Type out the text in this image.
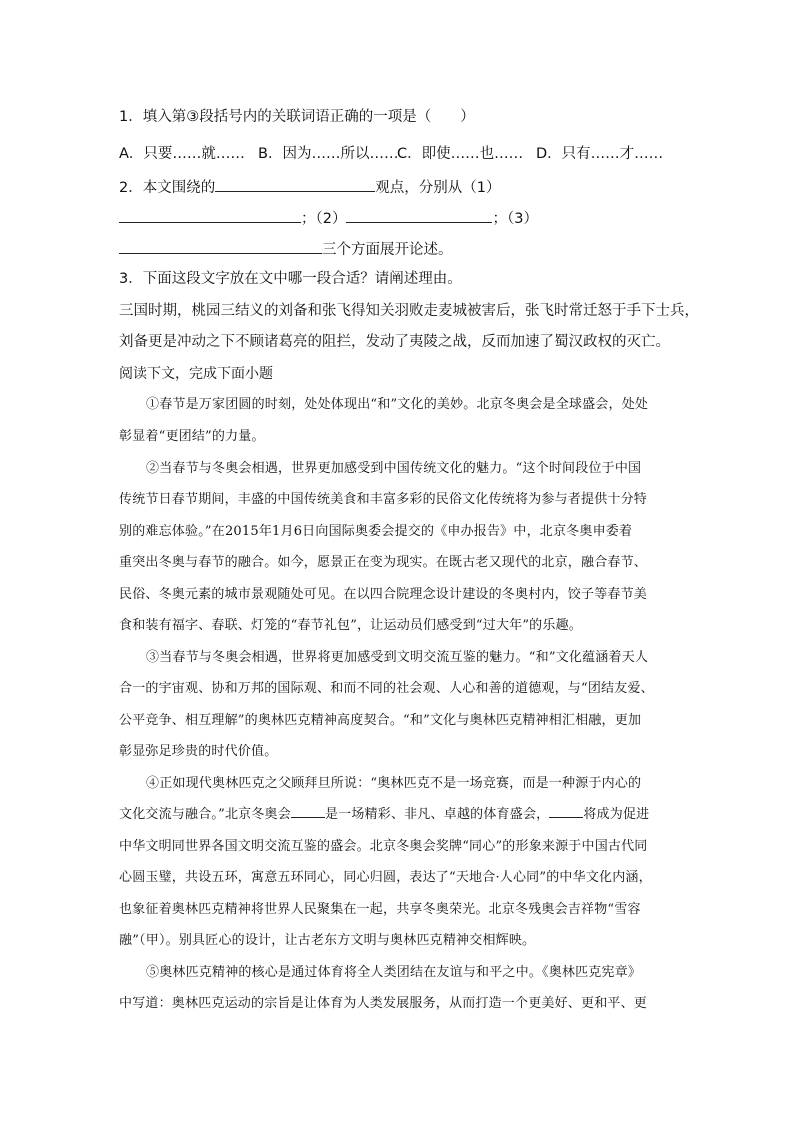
1．填入第③段括号内的关联词语正确的一项是（　　）
A．只要……就…… B．因为……所以……
C．即使……也…… D．只有……才……
2．本文围绕的	观点，分别从（1）
；（2）	；（3）
三个方面展开论述。
3．下面这段文字放在文中哪一段合适？请阐述理由。
三国时期，桃园三结义的刘备和张飞得知关羽败走麦城被害后，张飞时常迁怒于手下士兵，
刘备更是冲动之下不顾诸葛亮的阻拦，发动了夷陵之战，反而加速了蜀汉政权的灭亡。
阅读下文，完成下面小题
①春节是万家团圆的时刻，处处体现出“和”文化的美妙。北京冬奥会是全球盛会，处处
彰显着“更团结”的力量。
②当春节与冬奥会相遇，世界更加感受到中国传统文化的魅力。“这个时间段位于中国
传统节日春节期间，丰盛的中国传统美食和丰富多彩的民俗文化传统将为参与者提供十分特
别的难忘体验。”在2015年1月6日向国际奥委会提交的《申办报告》中，北京冬奥申委着
重突出冬奥与春节的融合。如今，愿景正在变为现实。在既古老又现代的北京，融合春节、
民俗、冬奥元素的城市景观随处可见。在以四合院理念设计建设的冬奥村内，饺子等春节美
食和装有福字、春联、灯笼的“春节礼包”，让运动员们感受到“过大年”的乐趣。
③当春节与冬奥会相遇，世界将更加感受到文明交流互鉴的魅力。“和”文化蕴涵着天人
合一的宇宙观、协和万邦的国际观、和而不同的社会观、人心和善的道德观，与“团结友爱、
公平竞争、相互理解”的奥林匹克精神高度契合。“和”文化与奥林匹克精神相汇相融，更加
彰显弥足珍贵的时代价值。
④正如现代奥林匹克之父顾拜旦所说：“奥林匹克不是一场竞赛，而是一种源于内心的
文化交流与融合。”北京冬奥会	是一场精彩、非凡、卓越的体育盛会，	将成为促进
中华文明同世界各国文明交流互鉴的盛会。北京冬奥会奖牌“同心”的形象来源于中国古代同
心圆玉璧，共设五环，寓意五环同心，同心归圆，表达了“天地合·人心同”的中华文化内涵，
也象征着奥林匹克精神将世界人民聚集在一起，共享冬奥荣光。北京冬残奥会吉祥物“雪容
融”（甲）。别具匠心的设计，让古老东方文明与奥林匹克精神交相辉映。
⑤奥林匹克精神的核心是通过体育将全人类团结在友谊与和平之中。《奥林匹克宪章》
中写道：奥林匹克运动的宗旨是让体育为人类发展服务，从而打造一个更美好、更和平、更
